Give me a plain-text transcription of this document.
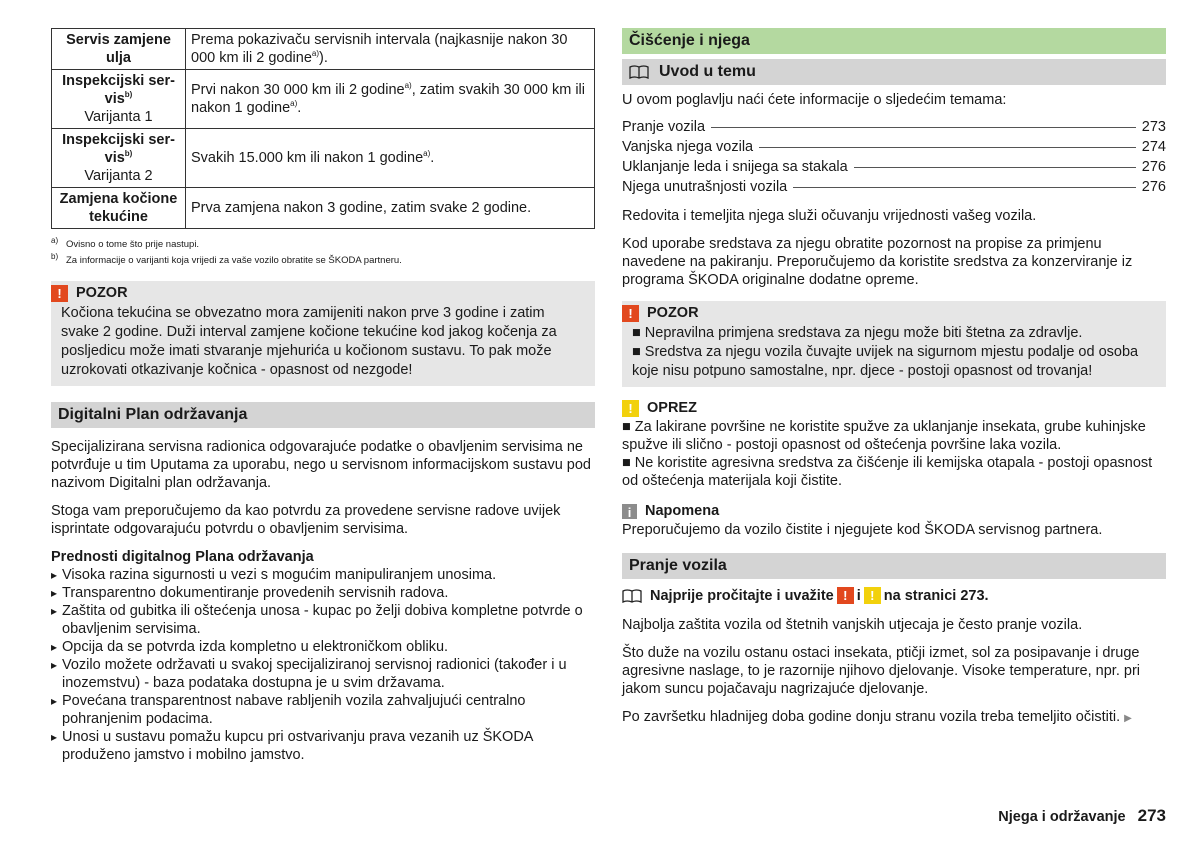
Servis zamjene ulja	Prema pokazivaču servisnih intervala (najkasnije nakon 30 000 km ili 2 godine$^{a)}$).
Inspekcijski ser-vis$^{b)}$
Varijanta 1	Prvi nakon 30 000 km ili 2 godine$^{a)}$, zatim svakih 30 000 km ili nakon 1 godine$^{a)}$.
Inspekcijski ser-vis$^{b)}$
Varijanta 2	Svakih 15.000 km ili nakon 1 godine$^{a)}$.
Zamjena kočione tekućine	Prva zamjena nakon 3 godine, zatim svake 2 godine.
$^{a)}$ Ovisno o tome što prije nastupi.
$^{b)}$ Za informacije o varijanti koja vrijedi za vaše vozilo obratite se ŠKODA partneru.
! POZOR

Kočiona tekućina se obvezatno mora zamijeniti nakon prve 3 godine i zatim svake 2 godine. Duži interval zamjene kočione tekućine kod jakog kočenja za posljedicu može imati stvaranje mjehurića u kočionom sustavu. To pak može uzrokovati otkazivanje kočnica - opasnost od nezgode!

Digitalni Plan održavanja

Specijalizirana servisna radionica odgovarajuće podatke o obavljenim servisima ne potvrđuje u tim Uputama za uporabu, nego u servisnom informacijskom sustavu pod nazivom Digitalni plan održavanja.

Stoga vam preporučujemo da kao potvrdu za provedene servisne radove uvijek isprintate odgovarajuću potvrdu o obavljenim servisima.

Prednosti digitalnog Plana održavanja
▸ Visoka razina sigurnosti u vezi s mogućim manipuliranjem unosima.
▸ Transparentno dokumentiranje provedenih servisnih radova.
▸ Zaštita od gubitka ili oštećenja unosa - kupac po želji dobiva kompletne potvrde o obavljenim servisima.
▸ Opcija da se potvrda izda kompletno u elektroničkom obliku.
▸ Vozilo možete održavati u svakoj specijaliziranoj servisnoj radionici (također i u inozemstvu) - baza podataka dostupna je u svim državama.
▸ Povećana transparentnost nabave rabljenih vozila zahvaljujući centralno pohranjenim podacima.
▸ Unosi u sustavu pomažu kupcu pri ostvarivanju prava vezanih uz ŠKODA produženo jamstvo i mobilno jamstvo.
Čišćenje i njega
Uvod u temu

U ovom poglavlju naći ćete informacije o sljedećim temama:

Pranje vozila	273
Vanjska njega vozila	274
Uklanjanje leda i snijega sa stakala	276
Njega unutrašnjosti vozila	276

Redovita i temeljita njega služi očuvanju vrijednosti vašeg vozila.

Kod uporabe sredstava za njegu obratite pozornost na propise za primjenu navedene na pakiranju. Preporučujemo da koristite sredstva za konzerviranje iz programa ŠKODA originalne dodatne opreme.

! POZOR

■ Nepravilna primjena sredstava za njegu može biti štetna za zdravlje.

■ Sredstva za njegu vozila čuvajte uvijek na sigurnom mjestu podalje od osoba koje nisu potpuno samostalne, npr. djece - postoji opasnost od trovanja!

! OPREZ

■ Za lakirane površine ne koristite spužve za uklanjanje insekata, grube kuhinjske spužve ili slično - postoji opasnost od oštećenja površine laka vozila.

■ Ne koristite agresivna sredstva za čišćenje ili kemijska otapala - postoji opasnost od oštećenja materijala koji čistite.

i Napomena

Preporučujemo da vozilo čistite i njegujete kod ŠKODA servisnog partnera.

Pranje vozila
Najprije pročitajte i uvažite ! i ! na stranici 273.

Najbolja zaštita vozila od štetnih vanjskih utjecaja je često pranje vozila.

Što duže na vozilu ostanu ostaci insekata, ptičji izmet, sol za posipavanje i druge agresivne naslage, to je razornije njihovo djelovanje. Visoke temperature, npr. pri jakom suncu pojačavaju nagrizajuće djelovanje.

Po završetku hladnijeg doba godine donju stranu vozila treba temeljito očistiti. ▶

Njega i održavanje 273
